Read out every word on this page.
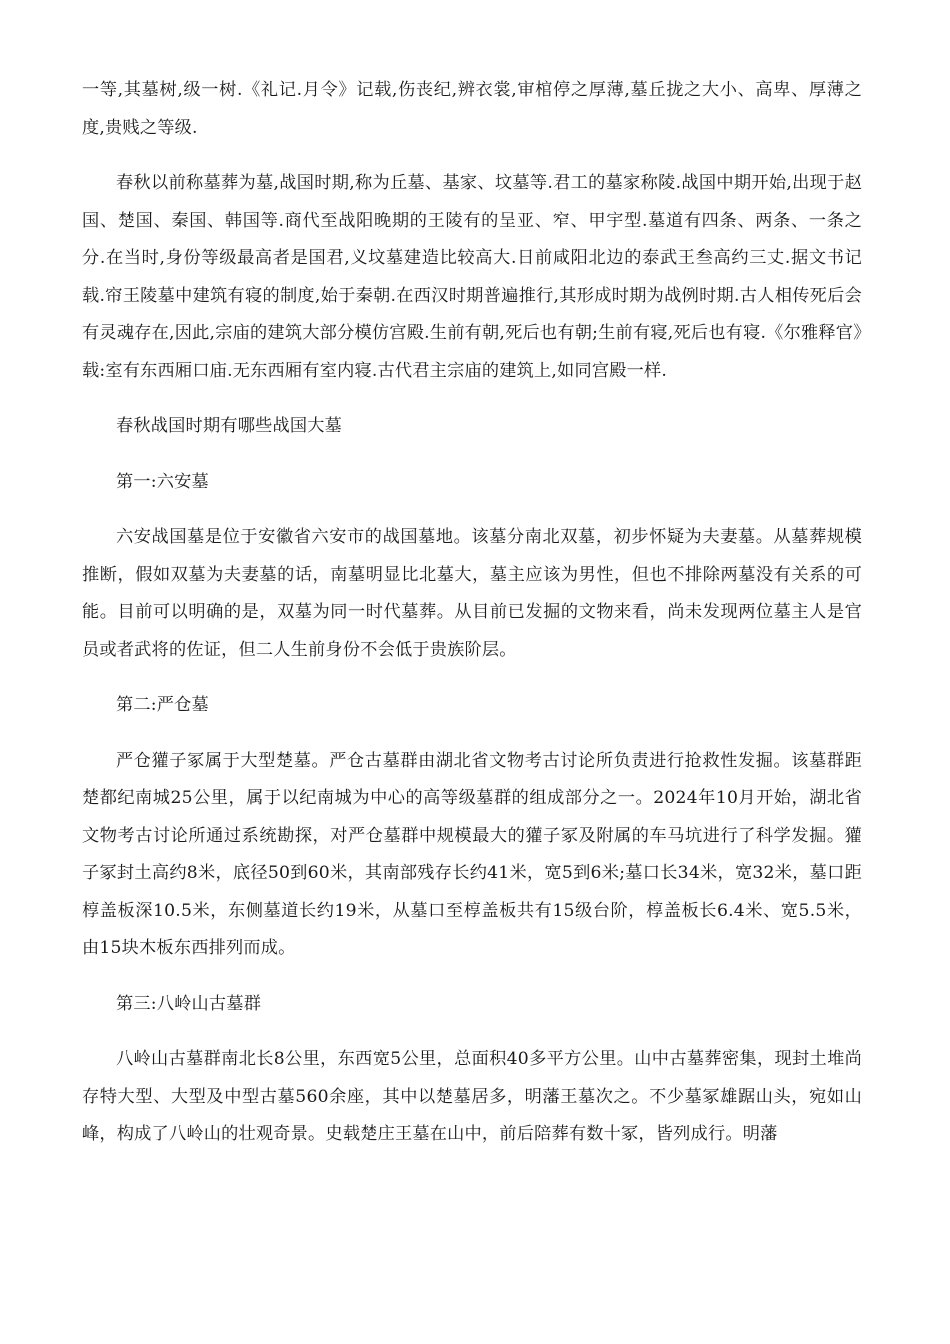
一等,其墓树,级一树.《礼记.月令》记载,伤丧纪,辨衣裳,审棺停之厚薄,墓丘拢之大小、高卑、厚薄之度,贵贱之等级.

春秋以前称墓葬为墓,战国时期,称为丘墓、基家、坟墓等.君工的墓家称陵.战国中期开始,出现于赵国、楚国、秦国、韩国等.商代至战阳晚期的王陵有的呈亚、窄、甲宇型.墓道有四条、两条、一条之分.在当时,身份等级最高者是国君,义坟墓建造比较高大.日前咸阳北边的泰武王叁高约三丈.据文书记载.帘王陵墓中建筑有寝的制度,始于秦朝.在西汉时期普遍推行,其形成时期为战例时期.古人相传死后会有灵魂存在,因此,宗庙的建筑大部分模仿宫殿.生前有朝,死后也有朝;生前有寝,死后也有寝.《尔雅释官》载:室有东西厢口庙.无东西厢有室内寝.古代君主宗庙的建筑上,如同宫殿一样.

春秋战国时期有哪些战国大墓

第一:六安墓

六安战国墓是位于安徽省六安市的战国墓地。该墓分南北双墓，初步怀疑为夫妻墓。从墓葬规模推断，假如双墓为夫妻墓的话，南墓明显比北墓大，墓主应该为男性，但也不排除两墓没有关系的可能。目前可以明确的是，双墓为同一时代墓葬。从目前已发掘的文物来看，尚未发现两位墓主人是官员或者武将的佐证，但二人生前身份不会低于贵族阶层。

第二:严仓墓

严仓獾子冢属于大型楚墓。严仓古墓群由湖北省文物考古讨论所负责进行抢救性发掘。该墓群距楚都纪南城25公里，属于以纪南城为中心的高等级墓群的组成部分之一。2024年10月开始，湖北省文物考古讨论所通过系统勘探，对严仓墓群中规模最大的獾子冢及附属的车马坑进行了科学发掘。獾子冢封土高约8米，底径50到60米，其南部残存长约41米，宽5到6米;墓口长34米，宽32米，墓口距椁盖板深10.5米，东侧墓道长约19米，从墓口至椁盖板共有15级台阶，椁盖板长6.4米、宽5.5米，由15块木板东西排列而成。

第三:八岭山古墓群

八岭山古墓群南北长8公里，东西宽5公里，总面积40多平方公里。山中古墓葬密集，现封土堆尚存特大型、大型及中型古墓560余座，其中以楚墓居多，明藩王墓次之。不少墓冢雄踞山头，宛如山峰，构成了八岭山的壮观奇景。史载楚庄王墓在山中，前后陪葬有数十冢，皆列成行。明藩
